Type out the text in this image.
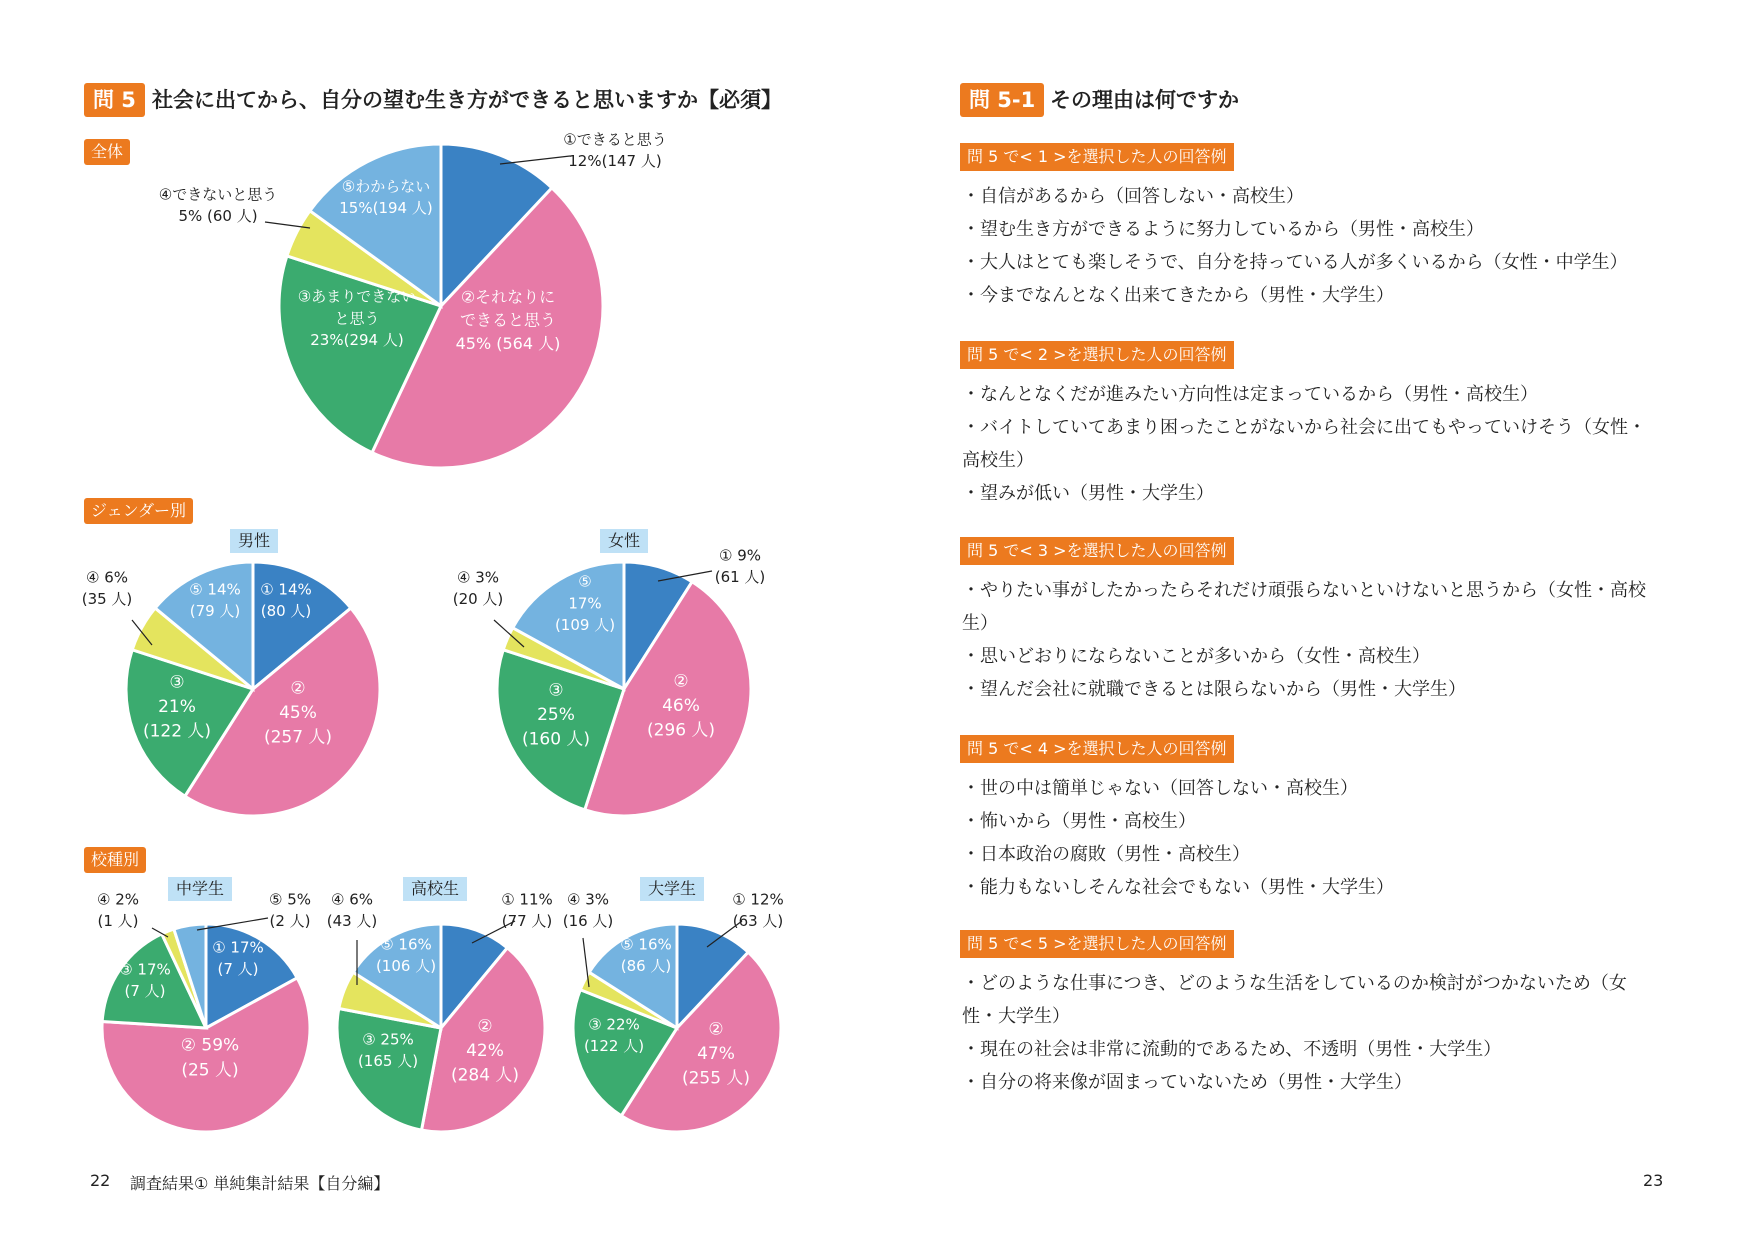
問 5 社会に出てから、自分の望む生き方ができると思いますか【必須】
全体
ジェンダー別
校種別
男性	女性
中学生	高校生	大学生
①できると思う
12%(147 人)
②それなりに
できると思う
45% (564 人)
③あまりできない
と思う
23%(294 人)
④できないと思う
5% (60 人)
⑤わからない
15%(194 人)
① 14%
(80 人)
②
45%
(257 人)
③
21%
(122 人)
④ 6%
(35 人)
⑤ 14%
(79 人)
① 9%
(61 人)
②
46%
(296 人)
③
25%
(160 人)
④ 3%
(20 人)
⑤
17%
(109 人)
① 17%
(7 人)
② 59%
(25 人)
③ 17%
(7 人)
④ 2%
(1 人)
⑤ 5%
(2 人)
① 11%
(77 人)
②
42%
(284 人)
③ 25%
(165 人)
④ 6%
(43 人)
⑤ 16%
(106 人)
① 12%
(63 人)
②
47%
(255 人)
③ 22%
(122 人)
④ 3%
(16 人)
⑤ 16%
(86 人)
問 5-1 その理由は何ですか
問 5 で< 1 >を選択した人の回答例
・自信があるから（回答しない・高校生）
・望む生き方ができるように努力しているから（男性・高校生）
・大人はとても楽しそうで、自分を持っている人が多くいるから（女性・中学生）
・今までなんとなく出来てきたから（男性・大学生）
問 5 で< 2 >を選択した人の回答例
・なんとなくだが進みたい方向性は定まっているから（男性・高校生）
・バイトしていてあまり困ったことがないから社会に出てもやっていけそう（女性・高校生）
・望みが低い（男性・大学生）
問 5 で< 3 >を選択した人の回答例
・やりたい事がしたかったらそれだけ頑張らないといけないと思うから（女性・高校生）
・思いどおりにならないことが多いから（女性・高校生）
・望んだ会社に就職できるとは限らないから（男性・大学生）
問 5 で< 4 >を選択した人の回答例
・世の中は簡単じゃない（回答しない・高校生）
・怖いから（男性・高校生）
・日本政治の腐敗（男性・高校生）
・能力もないしそんな社会でもない（男性・大学生）
問 5 で< 5 >を選択した人の回答例
・どのような仕事につき、どのような生活をしているのか検討がつかないため（女性・大学生）
・現在の社会は非常に流動的であるため、不透明（男性・大学生）
・自分の将来像が固まっていないため（男性・大学生）
22 調査結果① 単純集計結果【自分編】	23
